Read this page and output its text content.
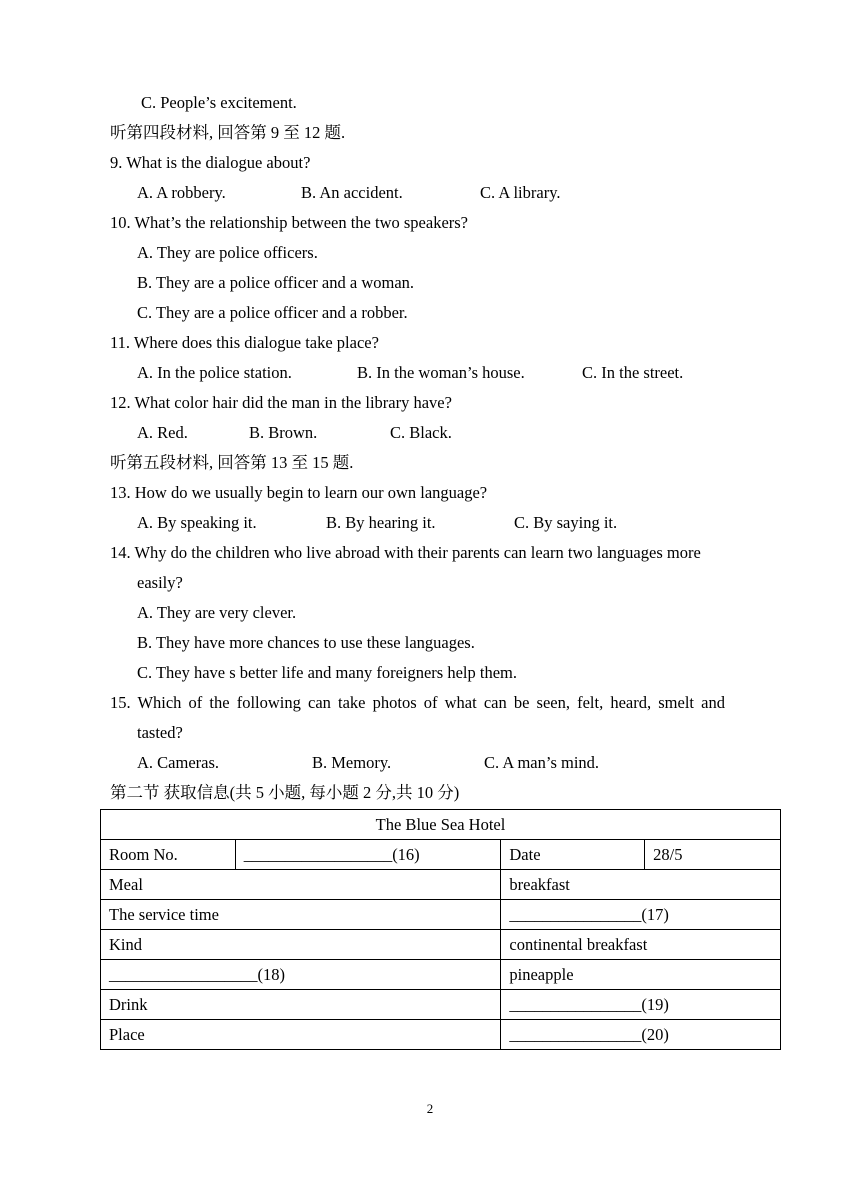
C. People’s excitement.
听第四段材料, 回答第 9 至 12 题.
9. What is the dialogue about?
A. A robbery.	B. An accident.	C. A library.
10. What’s the relationship between the two speakers?
A. They are police officers.
B. They are a police officer and a woman.
C. They are a police officer and a robber.
11. Where does this dialogue take place?
A. In the police station.	B. In the woman’s house.	C. In the street.
12. What color hair did the man in the library have?
A. Red.	B. Brown.	C. Black.
听第五段材料, 回答第 13 至 15 题.
13. How do we usually begin to learn our own language?
A. By speaking it.	B. By hearing it.	C. By saying it.
14. Why do the children who live abroad with their parents can learn two languages more
easily?
A. They are very clever.
B. They have more chances to use these languages.
C. They have s better life and many foreigners help them.
15. Which of the following can take photos of what can be seen, felt, heard, smelt and
tasted?
A. Cameras.	B. Memory.	C. A man’s mind.
第二节 获取信息(共 5 小题, 每小题 2 分,共 10 分)
The Blue Sea Hotel			
Room No.	__________________(16)	Date	28/5
Meal		breakfast	
The service time		________________(17)	
Kind		continental breakfast	
__________________(18)		pineapple	
Drink		________________(19)	
Place		________________(20)	
2
